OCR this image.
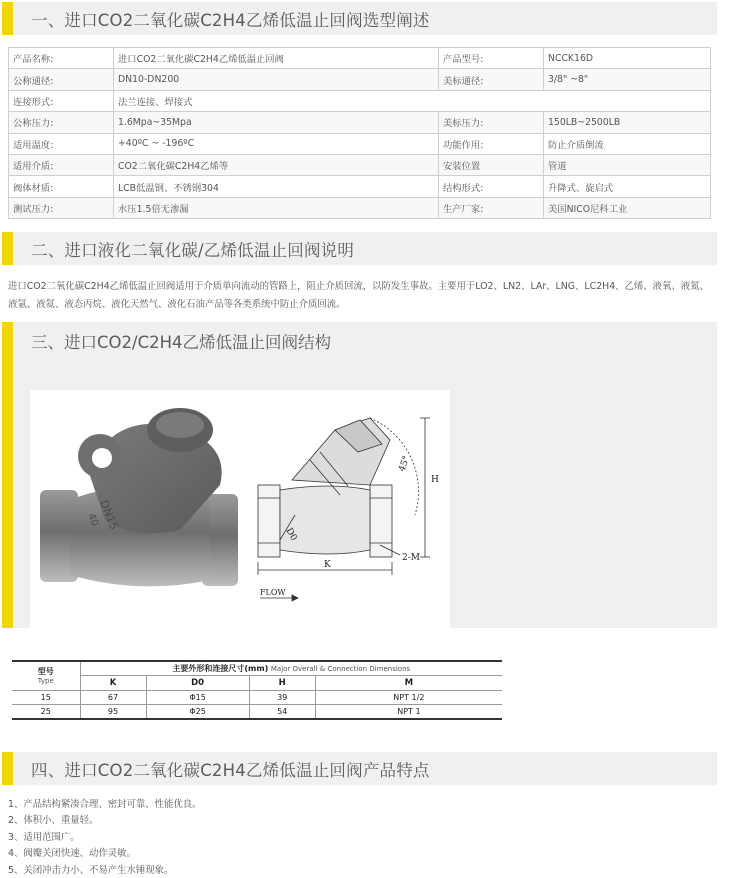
一、进口CO2二氧化碳C2H4乙烯低温止回阀选型阐述
产品名称:	进口CO2二氧化碳C2H4乙烯低温止回阀	产品型号:	NCCK16D
公称通径:	DN10-DN200	美标通径:	3/8" ~8"
连接形式:	法兰连接、焊接式		
公称压力:	1.6Mpa~35Mpa	美标压力:	150LB~2500LB
适用温度:	+40ºC ~ -196ºC	功能作用:	防止介质倒流
适用介质:	CO2二氧化碳C2H4乙烯等	安装位置	管道
阀体材质:	LCB低温钢、不锈钢304	结构形式:	升降式、旋启式
测试压力:	水压1.5倍无渗漏	生产厂家:	美国NICO尼科工业
二、进口液化二氧化碳/乙烯低温止回阀说明
进口CO2二氧化碳C2H4乙烯低温止回阀适用于介质单向流动的管路上，阻止介质回流，以防发生事故。主要用于LO2、LN2、LAr、LNG、LC2H4、乙烯、液氧、液氮、液氩、液氦、液态丙烷、液化天然气、液化石油产品等各类系统中防止介质回流。
三、进口CO2/C2H4乙烯低温止回阀结构
DN15
40
45°
H
D0
K
2-M
FLOW
型号
Type	主要外形和连接尺寸(mm) Major Overall & Connection Dimensions			
	K	D0	H	M
15	67	Φ15	39	NPT 1/2
25	95	Φ25	54	NPT 1
四、进口CO2二氧化碳C2H4乙烯低温止回阀产品特点
1、产品结构紧凑合理、密封可靠、性能优良。
2、体积小、重量轻。
3、适用范围广。
4、阀瓣关闭快速、动作灵敏。
5、关闭冲击力小、不易产生水锤现象。
